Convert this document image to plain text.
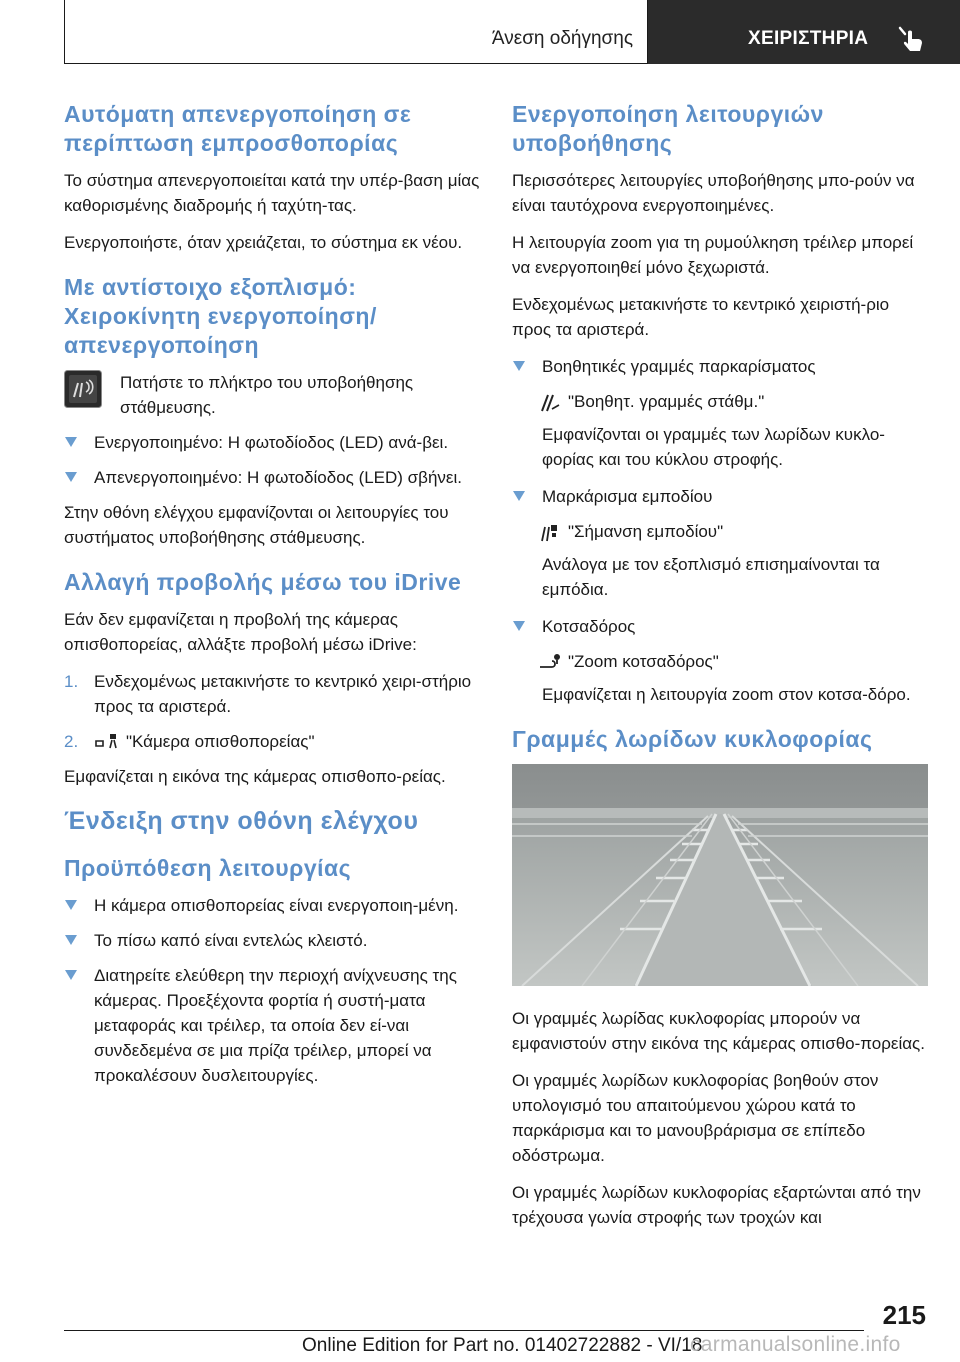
Άνεση οδήγησης	ΧΕΙΡΙΣΤΗΡΙΑ
Αυτόματη απενεργοποίηση σε περίπτωση εμπροσθοπορίας

Το σύστημα απενεργοποιείται κατά την υπέρ-βαση μίας καθορισμένης διαδρομής ή ταχύτη-τας.

Ενεργοποιήστε, όταν χρειάζεται, το σύστημα εκ νέου.

Με αντίστοιχο εξοπλισμό: Χειροκίνητη ενεργοποίηση/απενεργοποίηση
Πατήστε το πλήκτρο του υποβοήθησης στάθμευσης.
Ενεργοποιημένο: Η φωτοδίοδος (LED) ανά-βει.
Απενεργοποιημένο: Η φωτοδίοδος (LED) σβήνει.

Στην οθόνη ελέγχου εμφανίζονται οι λειτουργίες του συστήματος υποβοήθησης στάθμευσης.

Αλλαγή προβολής μέσω του iDrive

Εάν δεν εμφανίζεται η προβολή της κάμερας οπισθοπορείας, αλλάξτε προβολή μέσω iDrive:

1. Ενδεχομένως μετακινήστε το κεντρικό χειρι-στήριο προς τα αριστερά.
2.	"Κάμερα οπισθοπορείας"

Εμφανίζεται η εικόνα της κάμερας οπισθοπο-ρείας.

Ένδειξη στην οθόνη ελέγχου
Προϋπόθεση λειτουργίας
Η κάμερα οπισθοπορείας είναι ενεργοποιη-μένη.
Το πίσω καπό είναι εντελώς κλειστό.
Διατηρείτε ελεύθερη την περιοχή ανίχνευσης της κάμερας. Προεξέχοντα φορτία ή συστή-ματα μεταφοράς και τρέιλερ, τα οποία δεν εί-ναι συνδεδεμένα σε μια πρίζα τρέιλερ, μπορεί να προκαλέσουν δυσλειτουργίες.
Ενεργοποίηση λειτουργιών υποβοήθησης

Περισσότερες λειτουργίες υποβοήθησης μπο-ρούν να είναι ταυτόχρονα ενεργοποιημένες.

Η λειτουργία zoom για τη ρυμούλκηση τρέιλερ μπορεί να ενεργοποιηθεί μόνο ξεχωριστά.

Ενδεχομένως μετακινήστε το κεντρικό χειριστή-ριο προς τα αριστερά.

Βοηθητικές γραμμές παρκαρίσματος
"Βοηθητ. γραμμές στάθμ."

Εμφανίζονται οι γραμμές των λωρίδων κυκλο-φορίας και του κύκλου στροφής.

Μαρκάρισμα εμποδίου
"Σήμανση εμποδίου"

Ανάλογα με τον εξοπλισμό επισημαίνονται τα εμπόδια.

Κοτσαδόρος
"Zoom κοτσαδόρος"

Εμφανίζεται η λειτουργία zoom στον κοτσα-δόρο.

Γραμμές λωρίδων κυκλοφορίας

Οι γραμμές λωρίδας κυκλοφορίας μπορούν να εμφανιστούν στην εικόνα της κάμερας οπισθο-πορείας.

Οι γραμμές λωρίδων κυκλοφορίας βοηθούν στον υπολογισμό του απαιτούμενου χώρου κατά το παρκάρισμα και το μανουβράρισμα σε επίπεδο οδόστρωμα.

Οι γραμμές λωρίδων κυκλοφορίας εξαρτώνται από την τρέχουσα γωνία στροφής των τροχών και

215
Online Edition for Part no. 01402722882 - VI/18
carmanualsonline.info
